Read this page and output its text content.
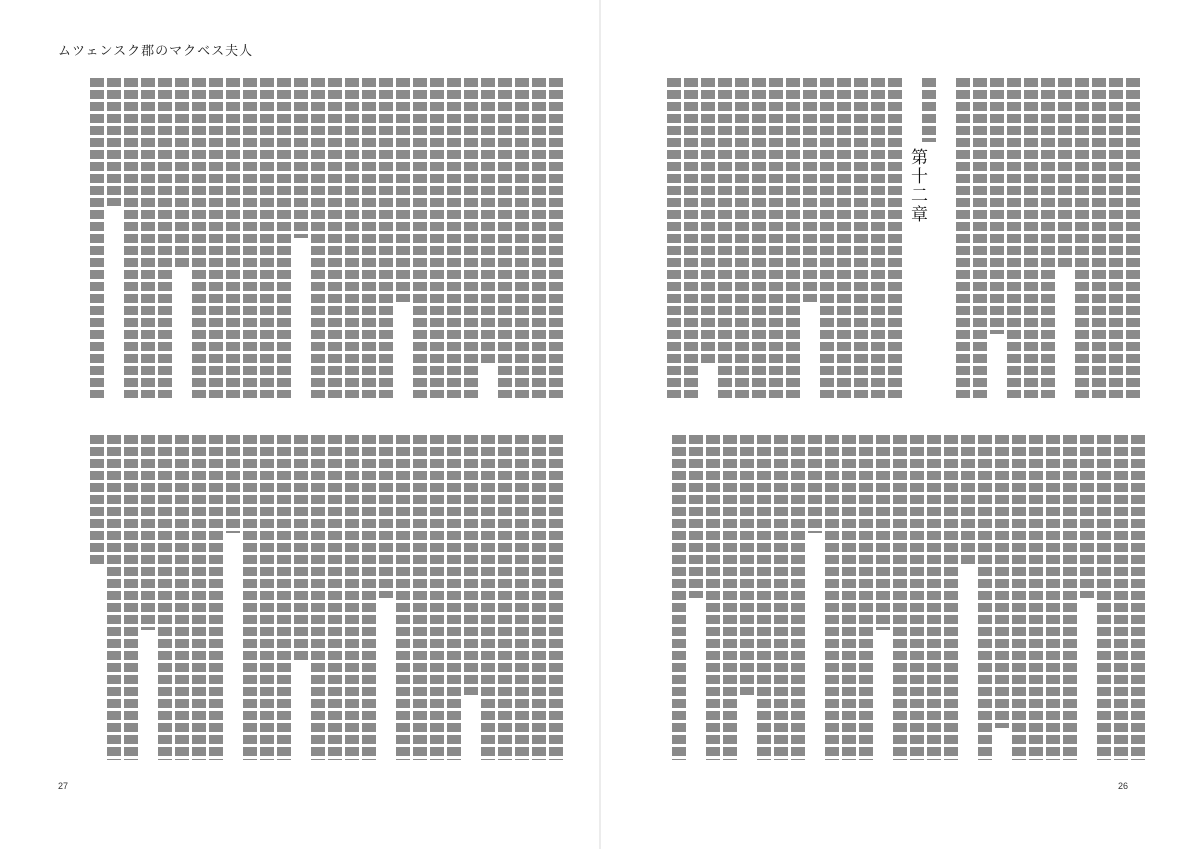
ムツェンスク郡のマクベス夫人
27
第十二章
26
